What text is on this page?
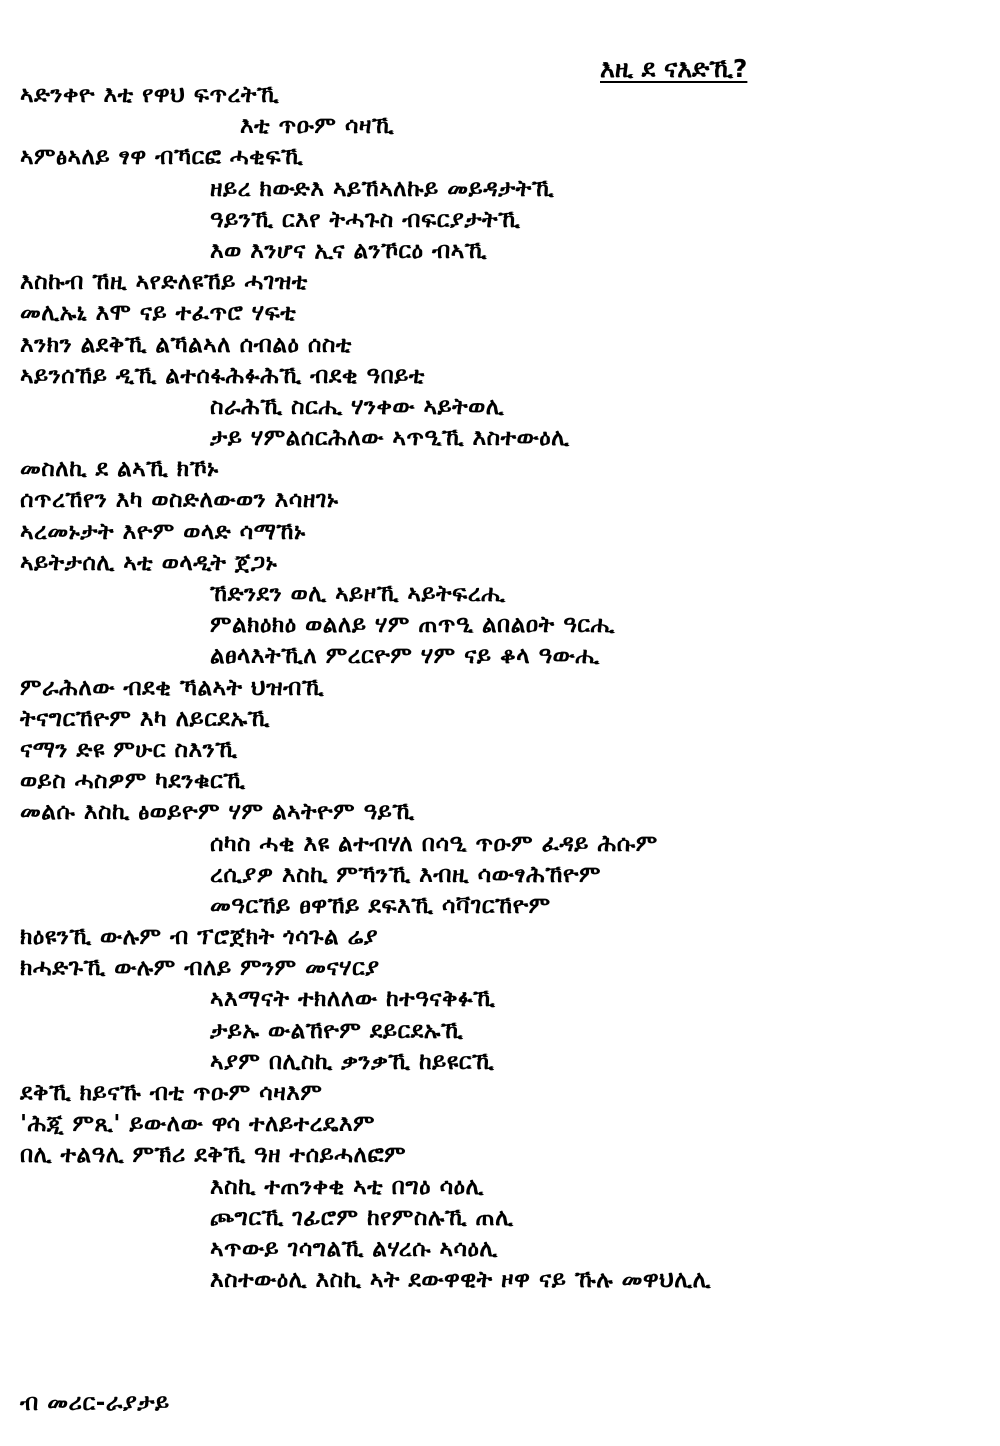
እዚ ደ ናእድኺ?
ኣድንቀዮ እቲ የዋህ ፍጥረትኺ
እቲ ጥዑም ሳዛኺ
ኣምፅኣለይ ፃዋ ብኻርፎ ሓቂፍኺ
ዘይረ ክውድእ ኣይኸኣለኩይ መይዳታትኺ
ዓይንኺ ርእየ ትሓጉስ ብፍርያታትኺ
እወ እንሆና ኢና ልንኾርዕ ብኣኺ
እስኩብ ኸዚ ኣየድለዩኸይ ሓገዝቲ
መሊኡኒ እሞ ናይ ተፈጥሮ ሃፍቲ
እንክን ልደቅኺ ልኻልኣለ ሰብልዕ ሰስቲ
ኣይንሰኸይ ዲኺ ልተሰፋሕፉሕኺ ብደቂ ዓበይቲ
ስራሕኺ ስርሒ ሃንቀው ኣይትወሊ
ታይ ሃምልሰርሕለው ኣጥዒኺ እስተውዕሊ
መስለኪ ደ ልኣኺ ክኾኑ
ሰጥረኸየን እካ ወስድለውወን እሳዘገኑ
ኣረመኑታት እዮም ወላድ ሳማኸኑ
ኣይትታሰሊ ኣቲ ወላዲት ጀጋኑ
ኸድንደን ወሊ ኣይዞኺ ኣይትፍረሒ
ምልክዕክዕ ወልለይ ሃም ጠጥዒ ልበልዐት ዓርሒ
ልፀላእትኺለ ምረርዮም ሃም ናይ ቆላ ዓውሒ
ምራሕለው ብደቂ ኻልኣት ህዝብኺ
ትናግርኸዮም እካ ለይርደኡኺ
ናማን ድዩ ምሁር ስእንኺ
ወይስ ሓስዎም ካደንቁርኺ
መልሱ እስኪ ፅወይዮም ሃም ልኣትዮም ዓይኺ
ሰካስ ሓቂ እዩ ልተብሃለ በሳዒ ጥዑም ፈዳይ ሕሱም
ረሲያዎ እስኪ ምኻንኺ እብዚ ሳውፃሕኸዮም
መዓርኸይ ፀዋኸይ ደፍእኺ ሳቫገርኸዮም
ክዕዩንኺ ውሉም ብ ፕሮጀክት ጎሳጉል ሬያ
ክሓድጉኺ ውሉም ብለይ ምንም መናሃርያ
ኣእማናት ተክለለው ከተዓናቅፉኺ
ታይኡ ውልኸዮም ደይርደኡኺ
ኣያም በሊስኪ ቃንቃኺ ከይዩርኺ
ደቅኺ ክይናኹ ብቲ ጥዑም ሳዛእም
'ሕጂ ምጺ' ይውለው ዋሳ ተለይተረዴእም
በሊ ተልዓሊ ምኽሪ ደቅኺ ዓዘ ተሰይሓለፎም
እስኪ ተጠንቀቂ ኣቲ በግዕ ሳዕሊ
ጮግርኺ ገፊሮም ከየምስሉኺ ጠሊ
ኣጥውይ ገሳግልኺ ልሃረሱ ኣሳዕሊ
እስተውዕሊ እስኪ ኣት ደውዋዊት ዞዋ ናይ ኹሉ መዋህሊሊ

ብ መሪር-ራያታይ
